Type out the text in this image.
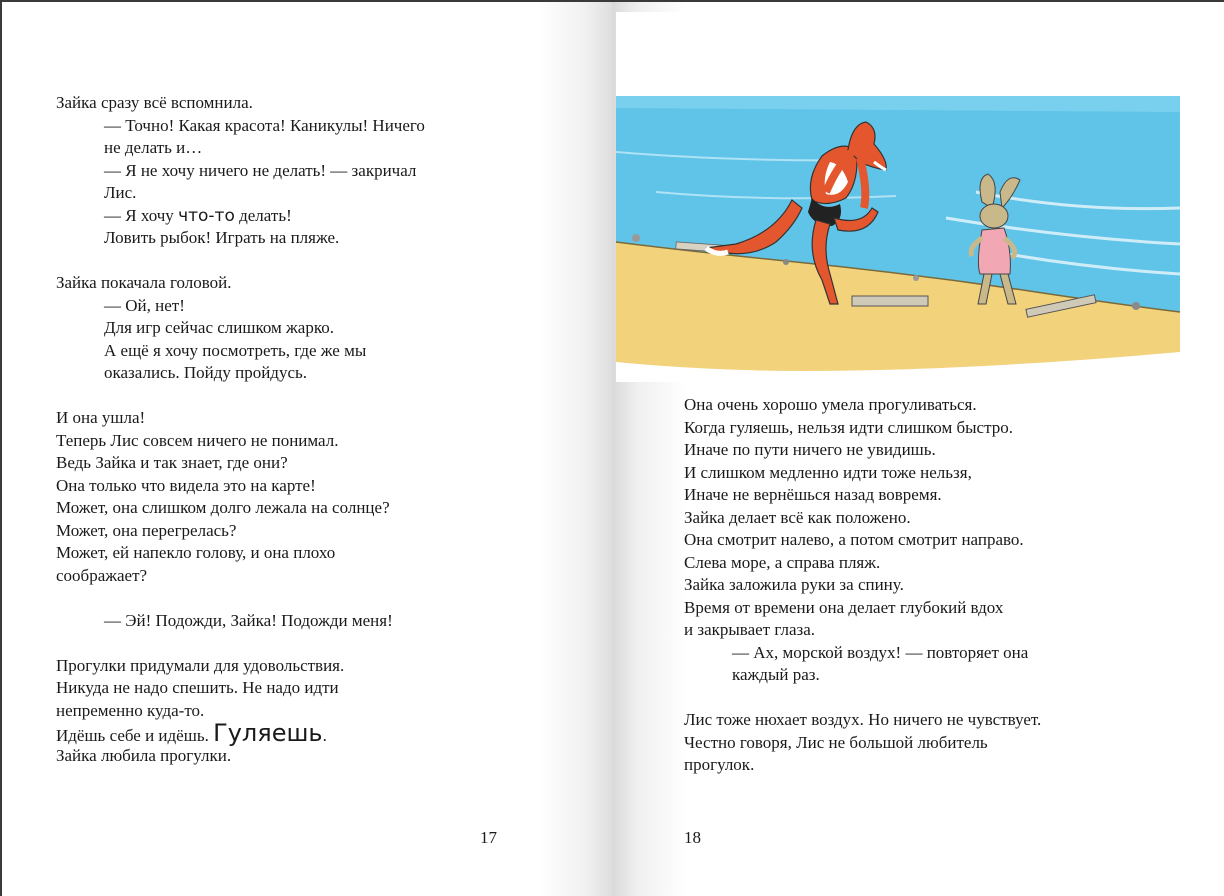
Зайка сразу всё вспомнила.
— Точно! Какая красота! Каникулы! Ничего
не делать и…
— Я не хочу ничего не делать! — закричал
Лис.
— Я хочу что-то делать!
Ловить рыбок! Играть на пляже.
Зайка покачала головой.
— Ой, нет!
Для игр сейчас слишком жарко.
А ещё я хочу посмотреть, где же мы
оказались. Пойду пройдусь.
И она ушла!
Теперь Лис совсем ничего не понимал.
Ведь Зайка и так знает, где они?
Она только что видела это на карте!
Может, она слишком долго лежала на солнце?
Может, она перегрелась?
Может, ей напекло голову, и она плохо
соображает?
— Эй! Подожди, Зайка! Подожди меня!
Прогулки придумали для удовольствия.
Никуда не надо спешить. Не надо идти
непременно куда-то.
Идёшь себе и идёшь. Гуляешь.
Зайка любила прогулки.
17
Она очень хорошо умела прогуливаться.
Когда гуляешь, нельзя идти слишком быстро.
Иначе по пути ничего не увидишь.
И слишком медленно идти тоже нельзя,
Иначе не вернёшься назад вовремя.
Зайка делает всё как положено.
Она смотрит налево, а потом смотрит направо.
Слева море, а справа пляж.
Зайка заложила руки за спину.
Время от времени она делает глубокий вдох
и закрывает глаза.
— Ах, морской воздух! — повторяет она
каждый раз.
Лис тоже нюхает воздух. Но ничего не чувствует.
Честно говоря, Лис не большой любитель
прогулок.
18
